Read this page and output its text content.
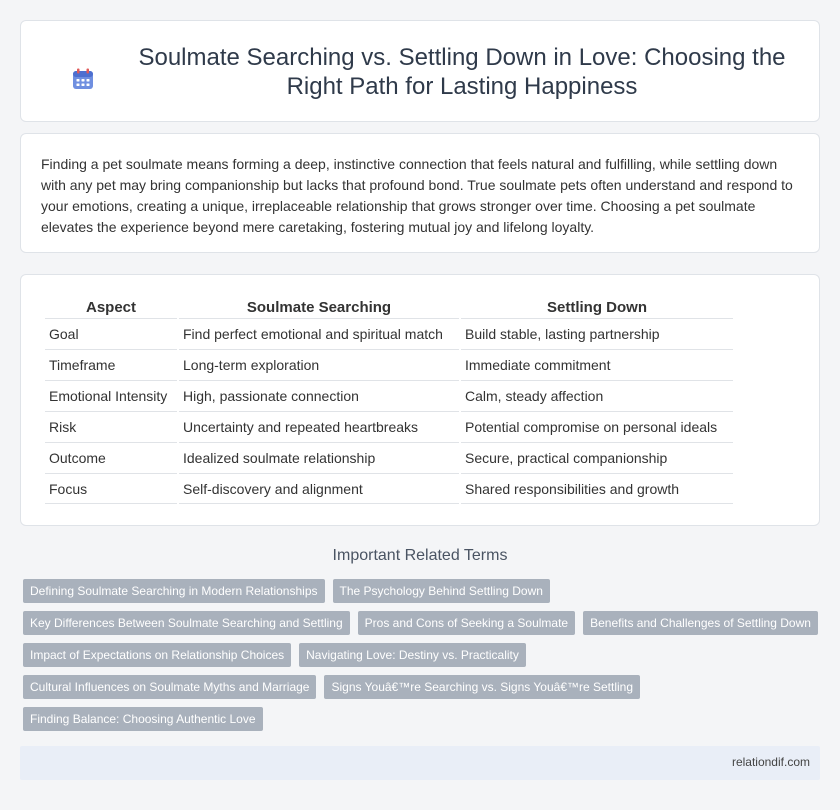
Soulmate Searching vs. Settling Down in Love: Choosing the Right Path for Lasting Happiness

Finding a pet soulmate means forming a deep, instinctive connection that feels natural and fulfilling, while settling down with any pet may bring companionship but lacks that profound bond. True soulmate pets often understand and respond to your emotions, creating a unique, irreplaceable relationship that grows stronger over time. Choosing a pet soulmate elevates the experience beyond mere caretaking, fostering mutual joy and lifelong loyalty.

Aspect	Soulmate Searching	Settling Down
Goal	Find perfect emotional and spiritual match	Build stable, lasting partnership
Timeframe	Long-term exploration	Immediate commitment
Emotional Intensity	High, passionate connection	Calm, steady affection
Risk	Uncertainty and repeated heartbreaks	Potential compromise on personal ideals
Outcome	Idealized soulmate relationship	Secure, practical companionship
Focus	Self-discovery and alignment	Shared responsibilities and growth
Important Related Terms
Defining Soulmate Searching in Modern Relationships	The Psychology Behind Settling Down
Key Differences Between Soulmate Searching and Settling	Pros and Cons of Seeking a Soulmate	Benefits and Challenges of Settling Down
Impact of Expectations on Relationship Choices	Navigating Love: Destiny vs. Practicality
Cultural Influences on Soulmate Myths and Marriage	Signs Youâ€™re Searching vs. Signs Youâ€™re Settling
Finding Balance: Choosing Authentic Love
relationdif.com
